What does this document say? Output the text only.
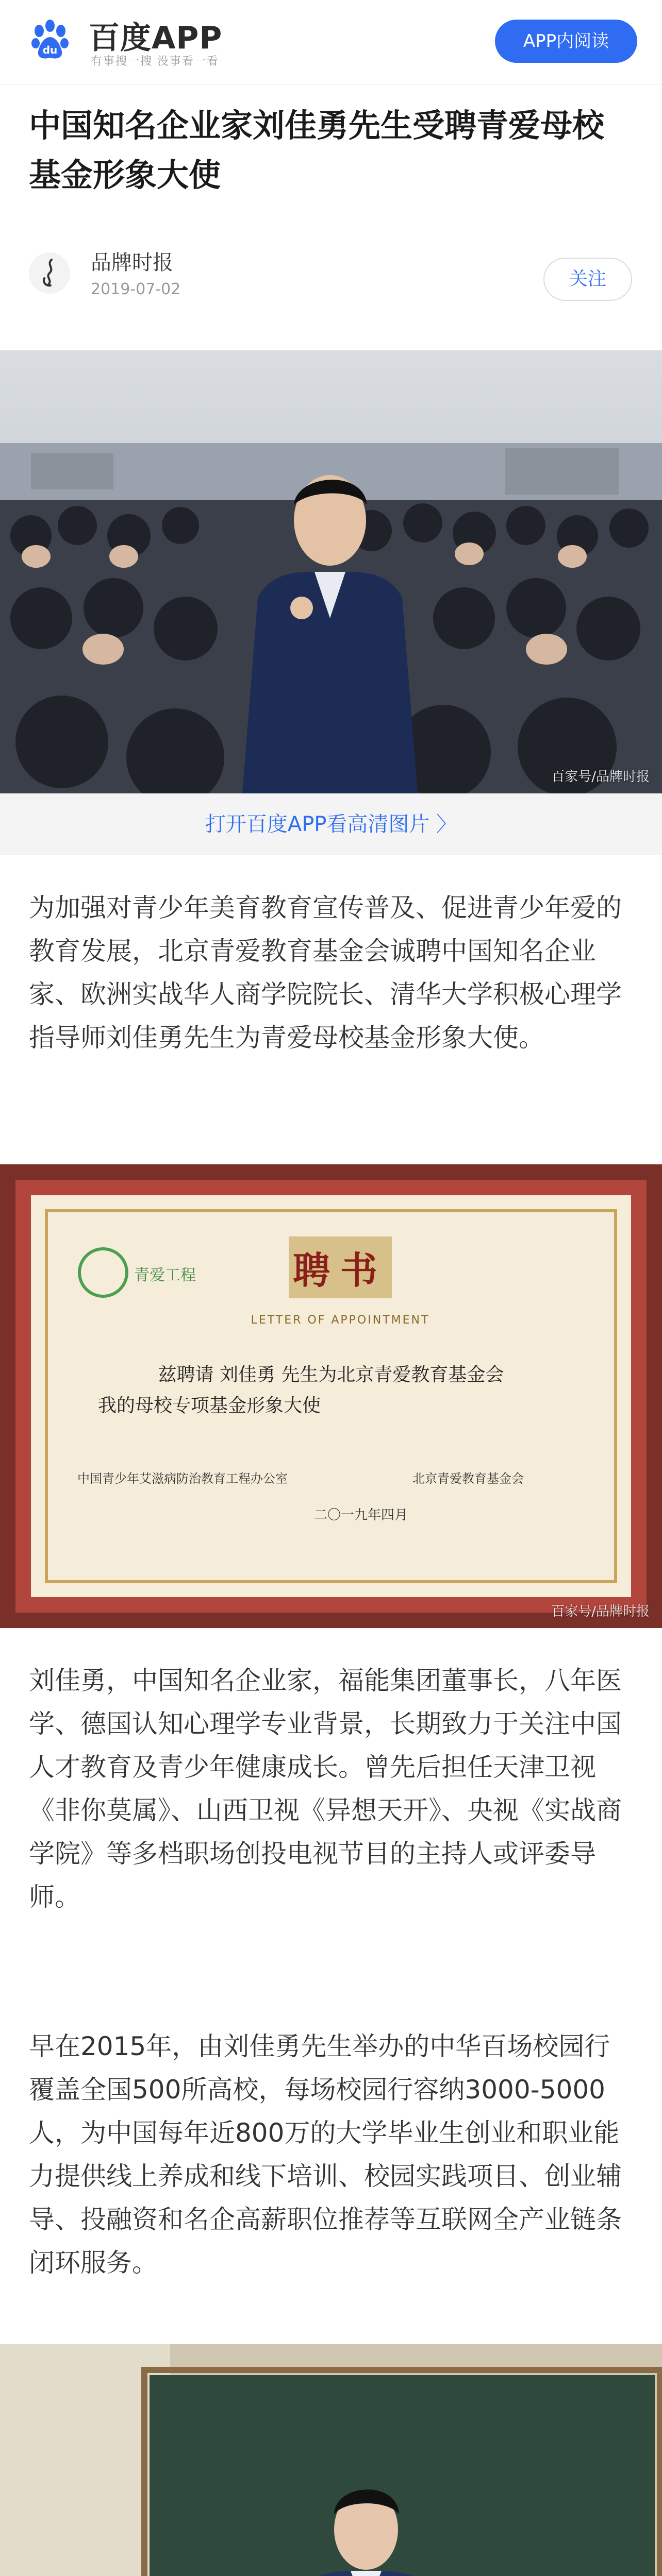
du 百度APP
有事搜一搜 没事看一看
APP内阅读
中国知名企业家刘佳勇先生受聘青爱母校基金形象大使
品牌时报
2019-07-02	关注
百家号/品牌时报
打开百度APP看高清图片 〉

为加强对青少年美育教育宣传普及、促进青少年爱的教育发展，北京青爱教育基金会诚聘中国知名企业家、欧洲实战华人商学院院长、清华大学积极心理学指导师刘佳勇先生为青爱母校基金形象大使。

青爱工程	聘书
LETTER OF APPOINTMENT
兹聘请 刘佳勇 先生为北京青爱教育基金会
我的母校专项基金形象大使
中国青少年艾滋病防治教育工程办公室	北京青爱教育基金会
二〇一九年四月
百家号/品牌时报

刘佳勇，中国知名企业家，福能集团董事长，八年医学、德国认知心理学专业背景，长期致力于关注中国人才教育及青少年健康成长。曾先后担任天津卫视《非你莫属》、山西卫视《异想天开》、央视《实战商学院》等多档职场创投电视节目的主持人或评委导师。

早在2015年，由刘佳勇先生举办的中华百场校园行覆盖全国500所高校，每场校园行容纳3000-5000人，为中国每年近800万的大学毕业生创业和职业能力提供线上养成和线下培训、校园实践项目、创业辅导、投融资和名企高薪职位推荐等互联网全产业链条闭环服务。
